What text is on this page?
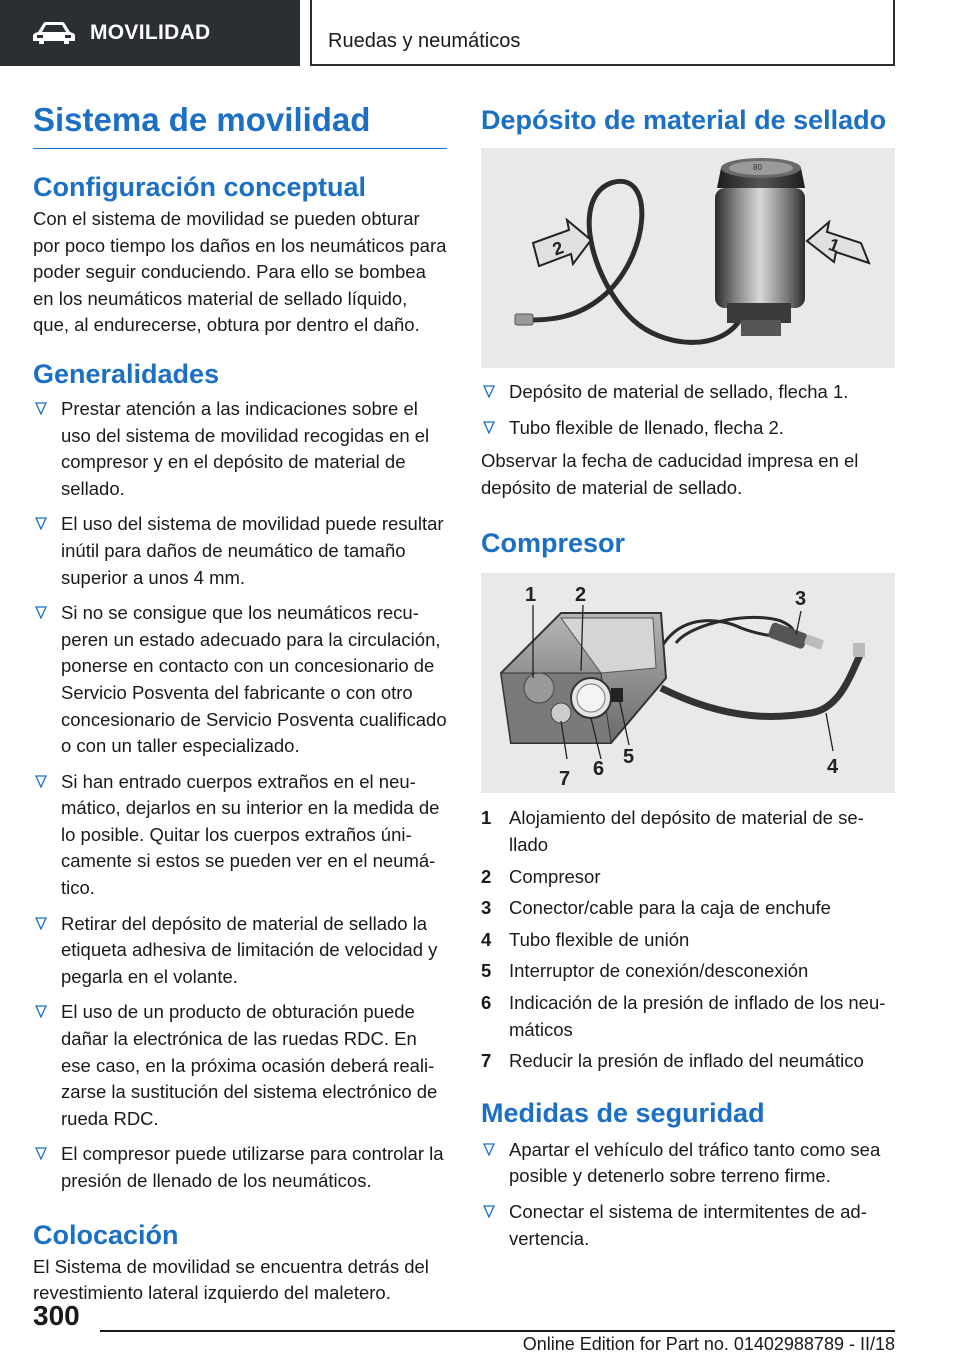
MOVILIDAD	Ruedas y neumáticos
Sistema de movilidad
Configuración conceptual
Con el sistema de movilidad se pueden obturar por poco tiempo los daños en los neumáticos para poder seguir conduciendo. Para ello se bombea en los neumáticos material de sellado líquido, que, al endurecerse, obtura por dentro el daño.
Generalidades
Prestar atención a las indicaciones sobre el uso del sistema de movilidad recogidas en el compresor y en el depósito de material de sellado.
El uso del sistema de movilidad puede resultar inútil para daños de neumático de tamaño superior a unos 4 mm.
Si no se consigue que los neumáticos recuperen un estado adecuado para la circulación, ponerse en contacto con un concesionario de Servicio Posventa del fabricante o con otro concesionario de Servicio Posventa cualificado o con un taller especializado.
Si han entrado cuerpos extraños en el neumático, dejarlos en su interior en la medida de lo posible. Quitar los cuerpos extraños únicamente si estos se pueden ver en el neumático.
Retirar del depósito de material de sellado la etiqueta adhesiva de limitación de velocidad y pegarla en el volante.
El uso de un producto de obturación puede dañar la electrónica de las ruedas RDC. En ese caso, en la próxima ocasión deberá realizarse la sustitución del sistema electrónico de rueda RDC.
El compresor puede utilizarse para controlar la presión de llenado de los neumáticos.
Colocación
El Sistema de movilidad se encuentra detrás del revestimiento lateral izquierdo del maletero.
Depósito de material de sellado
80
2	1
Depósito de material de sellado, flecha 1.
Tubo flexible de llenado, flecha 2.
Observar la fecha de caducidad impresa en el depósito de material de sellado.
Compresor
1 2	3
4
5
6
7
1 Alojamiento del depósito de material de sellado
2 Compresor
3 Conector/cable para la caja de enchufe
4 Tubo flexible de unión
5 Interruptor de conexión/desconexión
6 Indicación de la presión de inflado de los neumáticos
7 Reducir la presión de inflado del neumático
Medidas de seguridad
Apartar el vehículo del tráfico tanto como sea posible y detenerlo sobre terreno firme.
Conectar el sistema de intermitentes de advertencia.
300
Online Edition for Part no. 01402988789 - II/18
